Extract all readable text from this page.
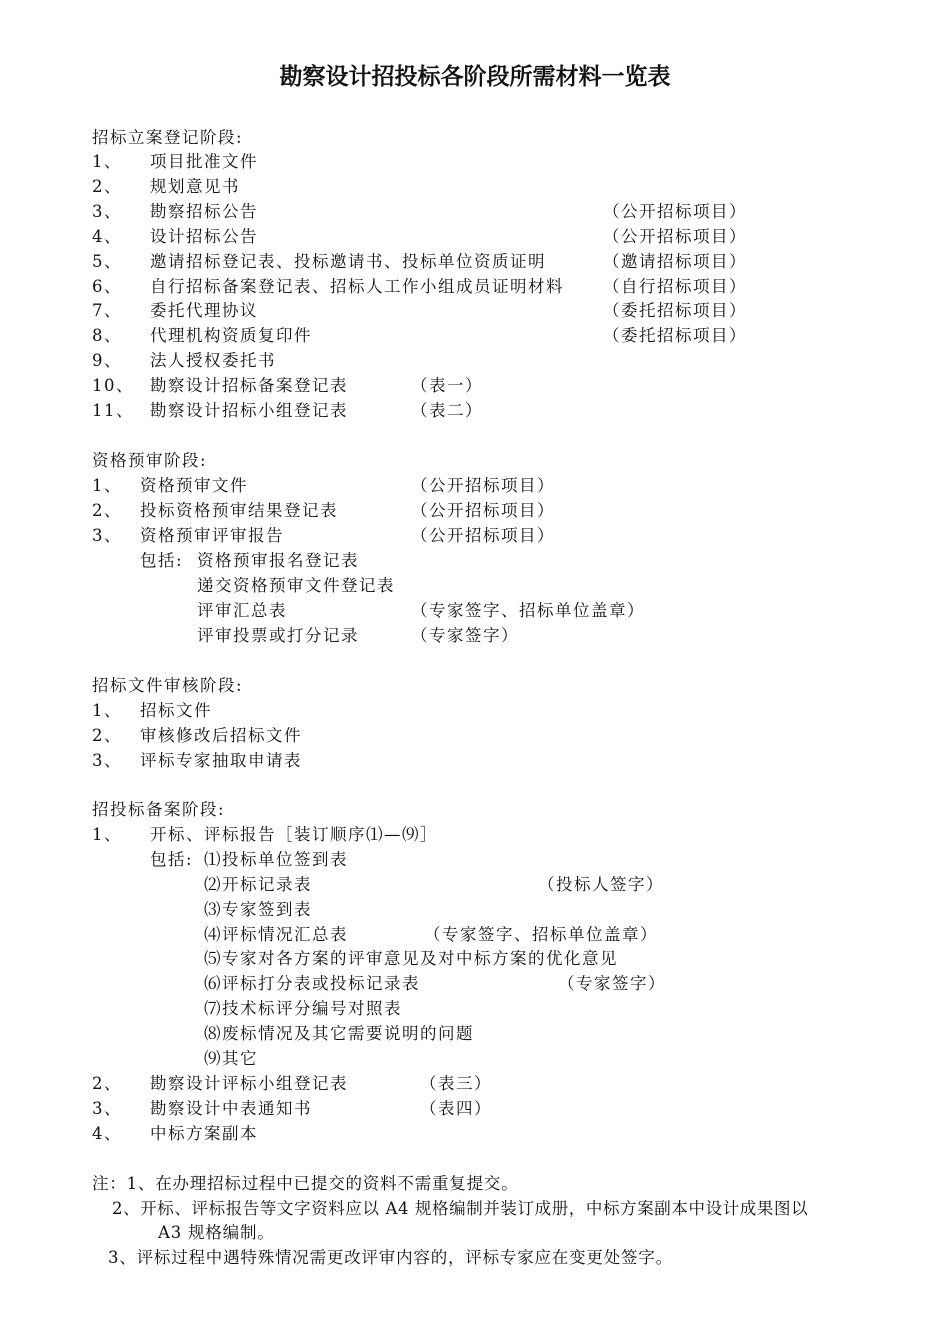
勘察设计招投标各阶段所需材料一览表
招标立案登记阶段:
1、 项目批准文件
2、 规划意见书
3、 勘察招标公告	（公开招标项目）
4、 设计招标公告	（公开招标项目）
5、 邀请招标登记表、投标邀请书、投标单位资质证明	（邀请招标项目）
6、 自行招标备案登记表、招标人工作小组成员证明材料 （自行招标项目）
7、 委托代理协议	（委托招标项目）
8、 代理机构资质复印件	（委托招标项目）
9、 法人授权委托书
10、 勘察设计招标备案登记表	（表一）
11、 勘察设计招标小组登记表	（表二）
资格预审阶段:
1、 资格预审文件	（公开招标项目）
2、 投标资格预审结果登记表	（公开招标项目）
3、 资格预审评审报告	（公开招标项目）
包括: 资格预审报名登记表
递交资格预审文件登记表
评审汇总表	（专家签字、招标单位盖章）
评审投票或打分记录	（专家签字）
招标文件审核阶段:
1、 招标文件
2、 审核修改后招标文件
3、 评标专家抽取申请表
招投标备案阶段:
1、 开标、评标报告［装订顺序⑴—⑼］
包括: ⑴投标单位签到表
⑵开标记录表	（投标人签字）
⑶专家签到表
⑷评标情况汇总表	（专家签字、招标单位盖章）
⑸专家对各方案的评审意见及对中标方案的优化意见
⑹评标打分表或投标记录表	（专家签字）
⑺技术标评分编号对照表
⑻废标情况及其它需要说明的问题
⑼其它
2、 勘察设计评标小组登记表	（表三）
3、 勘察设计中表通知书	（表四）
4、 中标方案副本
注：1、在办理招标过程中已提交的资料不需重复提交。
2、开标、评标报告等文字资料应以 A4 规格编制并装订成册，中标方案副本中设计成果图以
A3 规格编制。
3、评标过程中遇特殊情况需更改评审内容的，评标专家应在变更处签字。
